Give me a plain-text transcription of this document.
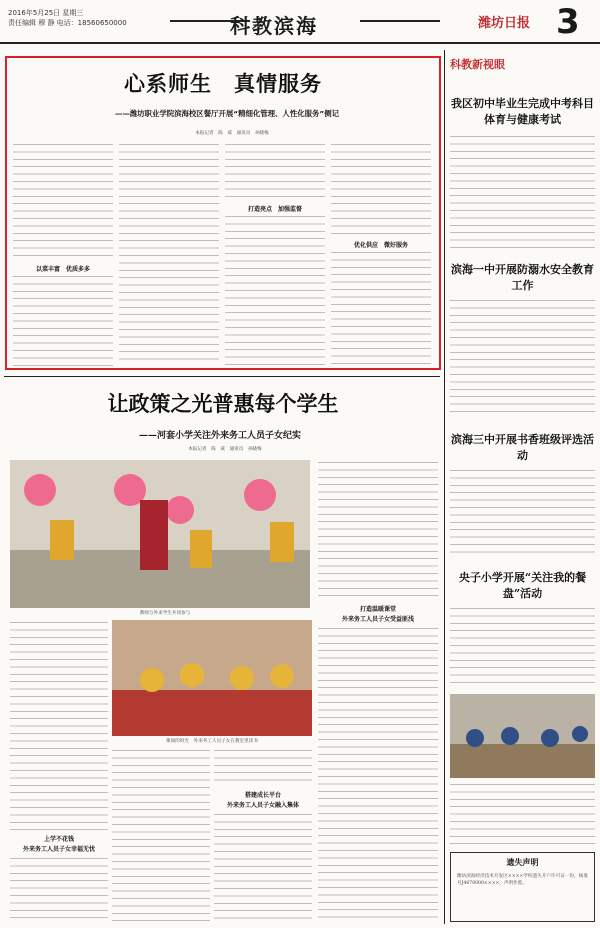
2016年5月25日 星期三
责任编辑 穆 静 电话：18560650000	科教滨海	潍坊日报 3
心系师生　真情服务
——潍坊职业学院滨海校区餐厅开展“精细化管理、人性化服务”侧记
本报记者　陈　威　通讯员　孙晓梅
以菜丰富　优质多多
打造亮点　加强监督
优化供应　微好服务
让政策之光普惠每个学生
——河套小学关注外来务工人员子女纪实
本报记者　陈　威　通讯员　孙晓梅
教师与外来学生共同参与
上学不花钱
外来务工人员子女幸福无忧
课间的时光　外来务工人员子女在教室里读书
搭建成长平台
外来务工人员子女融入集体
打造温暖课堂
外来务工人员子女受益匪浅
科教新视眼
我区初中毕业生完成中考科目体育与健康考试
滨海一中开展防溺水安全教育工作
滨海三中开展书香班级评选活动
央子小学开展“关注我的餐盘”活动
遗失声明
潍坊滨海经济技术开发区××××学校遗失开户许可证一份，核准号J4670000××××，声明作废。
